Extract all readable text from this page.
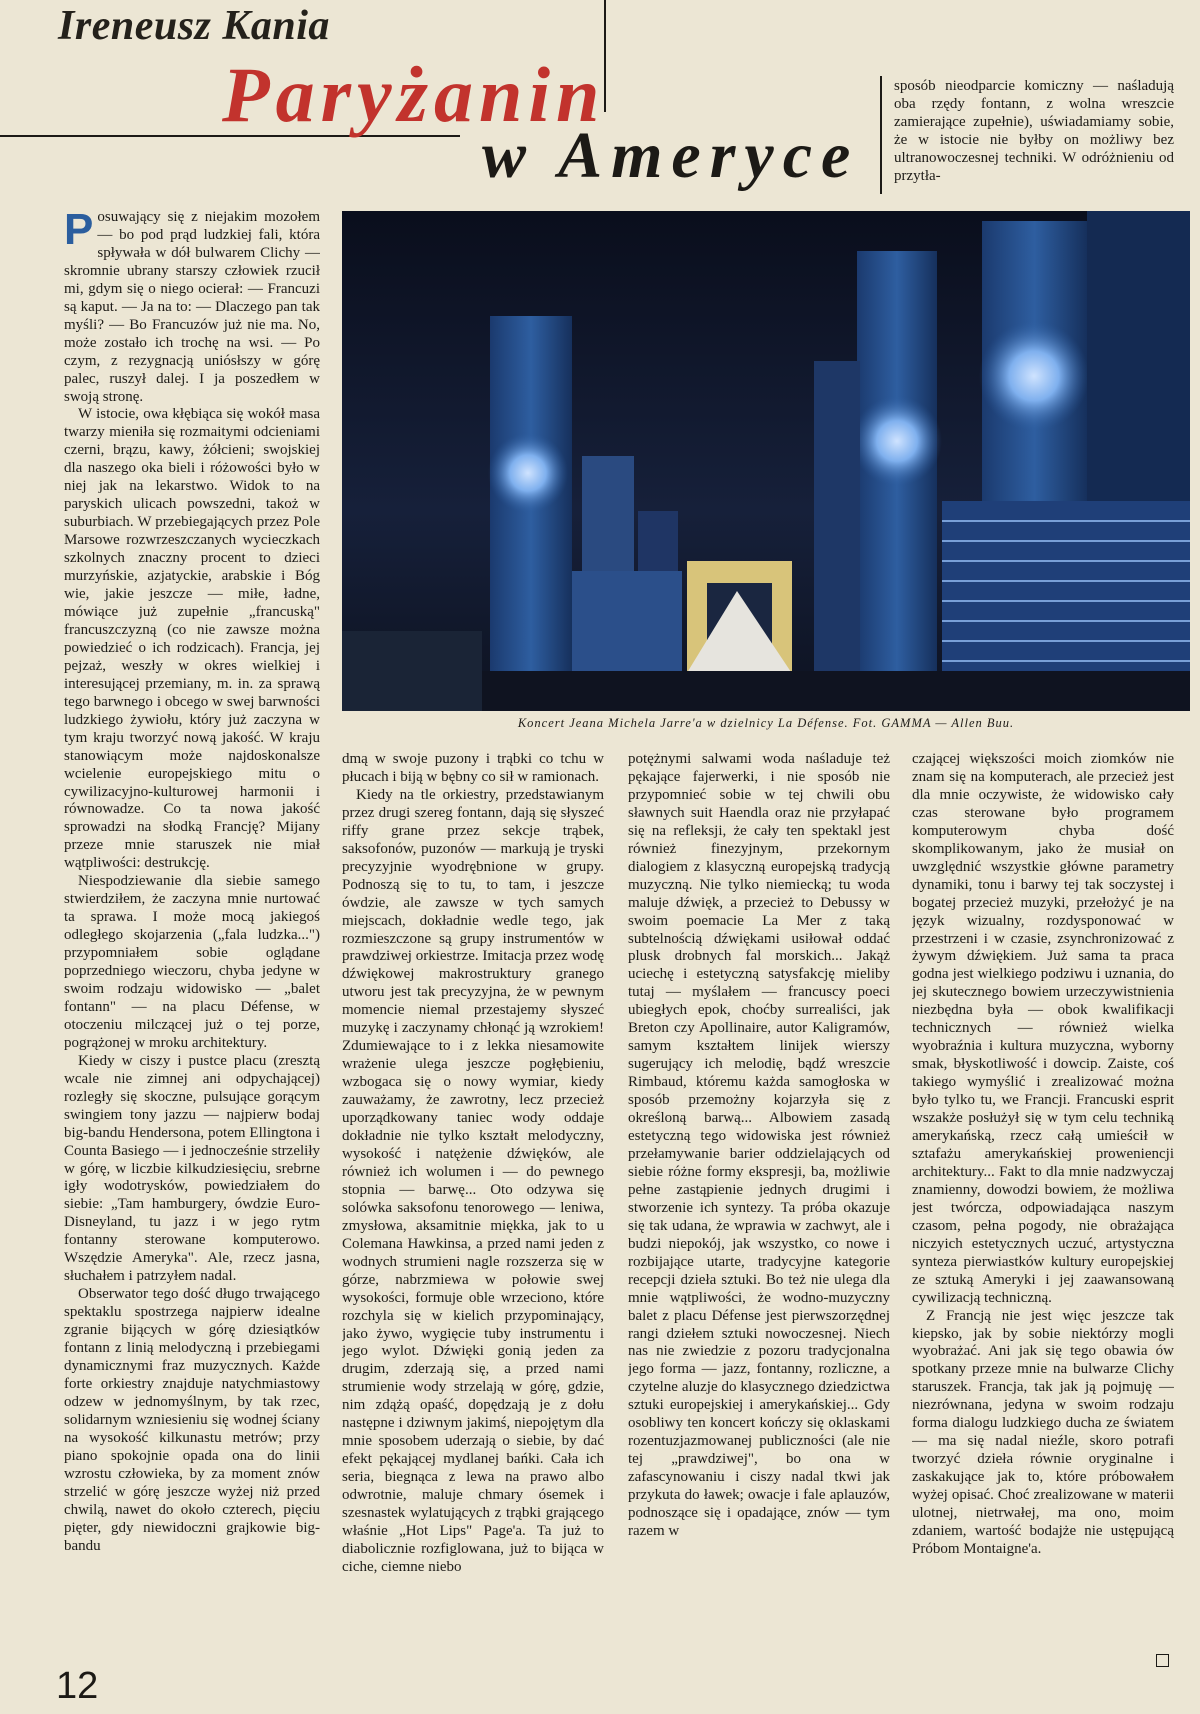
Ireneusz Kania
Paryżanin
w Ameryce

sposób nieodparcie komiczny — naśladują oba rzędy fontann, z wolna wreszcie zamierające zupełnie), uświadamiamy sobie, że w istocie nie byłby on możliwy bez ultranowoczesnej techniki. W odróżnieniu od przytła-

Posuwający się z niejakim mozołem — bo pod prąd ludzkiej fali, która spływała w dół bulwarem Clichy — skromnie ubrany starszy człowiek rzucił mi, gdym się o niego ocierał: — Francuzi są kaput. — Ja na to: — Dlaczego pan tak myśli? — Bo Francuzów już nie ma. No, może zostało ich trochę na wsi. — Po czym, z rezygnacją uniósłszy w górę palec, ruszył dalej. I ja poszedłem w swoją stronę.

W istocie, owa kłębiąca się wokół masa twarzy mieniła się rozmaitymi odcieniami czerni, brązu, kawy, żółcieni; swojskiej dla naszego oka bieli i różowości było w niej jak na lekarstwo. Widok to na paryskich ulicach powszedni, takoż w suburbiach. W przebiegających przez Pole Marsowe rozwrzeszczanych wycieczkach szkolnych znaczny procent to dzieci murzyńskie, azjatyckie, arabskie i Bóg wie, jakie jeszcze — miłe, ładne, mówiące już zupełnie „francuską" francuszczyzną (co nie zawsze można powiedzieć o ich rodzicach). Francja, jej pejzaż, weszły w okres wielkiej i interesującej przemiany, m. in. za sprawą tego barwnego i obcego w swej barwności ludzkiego żywiołu, który już zaczyna w tym kraju tworzyć nową jakość. W kraju stanowiącym może najdoskonalsze wcielenie europejskiego mitu o cywilizacyjno-kulturowej harmonii i równowadze. Co ta nowa jakość sprowadzi na słodką Francję? Mijany przeze mnie staruszek nie miał wątpliwości: destrukcję.

Niespodziewanie dla siebie samego stwierdziłem, że zaczyna mnie nurtować ta sprawa. I może mocą jakiegoś odległego skojarzenia („fala ludzka...") przypomniałem sobie oglądane poprzedniego wieczoru, chyba jedyne w swoim rodzaju widowisko — „balet fontann" — na placu Défense, w otoczeniu milczącej już o tej porze, pogrążonej w mroku architektury.

Kiedy w ciszy i pustce placu (zresztą wcale nie zimnej ani odpychającej) rozległy się skoczne, pulsujące gorącym swingiem tony jazzu — najpierw bodaj big-bandu Hendersona, potem Ellingtona i Counta Basiego — i jednocześnie strzeliły w górę, w liczbie kilkudziesięciu, srebrne igły wodotrysków, powiedziałem do siebie: „Tam hamburgery, ówdzie Euro-Disneyland, tu jazz i w jego rytm fontanny sterowane komputerowo. Wszędzie Ameryka". Ale, rzecz jasna, słuchałem i patrzyłem nadal.

Obserwator tego dość długo trwającego spektaklu spostrzega najpierw idealne zgranie bijących w górę dziesiątków fontann z linią melodyczną i przebiegami dynamicznymi fraz muzycznych. Każde forte orkiestry znajduje natychmiastowy odzew w jednomyślnym, by tak rzec, solidarnym wzniesieniu się wodnej ściany na wysokość kilkunastu metrów; przy piano spokojnie opada ona do linii wzrostu człowieka, by za moment znów strzelić w górę jeszcze wyżej niż przed chwilą, nawet do około czterech, pięciu pięter, gdy niewidoczni grajkowie big-bandu

Koncert Jeana Michela Jarre'a w dzielnicy La Défense. Fot. GAMMA — Allen Buu.

dmą w swoje puzony i trąbki co tchu w płucach i biją w bębny co sił w ramionach.

Kiedy na tle orkiestry, przedstawianym przez drugi szereg fontann, dają się słyszeć riffy grane przez sekcje trąbek, saksofonów, puzonów — markują je tryski precyzyjnie wyodrębnione w grupy. Podnoszą się to tu, to tam, i jeszcze ówdzie, ale zawsze w tych samych miejscach, dokładnie wedle tego, jak rozmieszczone są grupy instrumentów w prawdziwej orkiestrze. Imitacja przez wodę dźwiękowej makrostruktury granego utworu jest tak precyzyjna, że w pewnym momencie niemal przestajemy słyszeć muzykę i zaczynamy chłonąć ją wzrokiem! Zdumiewające to i z lekka niesamowite wrażenie ulega jeszcze pogłębieniu, wzbogaca się o nowy wymiar, kiedy zauważamy, że zawrotny, lecz przecież uporządkowany taniec wody oddaje dokładnie nie tylko kształt melodyczny, wysokość i natężenie dźwięków, ale również ich wolumen i — do pewnego stopnia — barwę... Oto odzywa się solówka saksofonu tenorowego — leniwa, zmysłowa, aksamitnie miękka, jak to u Colemana Hawkinsa, a przed nami jeden z wodnych strumieni nagle rozszerza się w górze, nabrzmiewa w połowie swej wysokości, formuje oble wrzeciono, które rozchyla się w kielich przypominający, jako żywo, wygięcie tuby instrumentu i jego wylot. Dźwięki gonią jeden za drugim, zderzają się, a przed nami strumienie wody strzelają w górę, gdzie, nim zdążą opaść, dopędzają je z dołu następne i dziwnym jakimś, niepojętym dla mnie sposobem uderzają o siebie, by dać efekt pękającej mydlanej bańki. Cała ich seria, biegnąca z lewa na prawo albo odwrotnie, maluje chmary ósemek i szesnastek wylatujących z trąbki grającego właśnie „Hot Lips" Page'a. Ta już to diabolicznie rozfiglowana, już to bijąca w ciche, ciemne niebo

potężnymi salwami woda naśladuje też pękające fajerwerki, i nie sposób nie przypomnieć sobie w tej chwili obu sławnych suit Haendla oraz nie przyłapać się na refleksji, że cały ten spektakl jest również finezyjnym, przekornym dialogiem z klasyczną europejską tradycją muzyczną. Nie tylko niemiecką; tu woda maluje dźwięk, a przecież to Debussy w swoim poemacie La Mer z taką subtelnością dźwiękami usiłował oddać plusk drobnych fal morskich... Jakąż uciechę i estetyczną satysfakcję mieliby tutaj — myślałem — francuscy poeci ubiegłych epok, choćby surrealiści, jak Breton czy Apollinaire, autor Kaligramów, samym kształtem linijek wierszy sugerujący ich melodię, bądź wreszcie Rimbaud, któremu każda samogłoska w sposób przemożny kojarzyła się z określoną barwą... Albowiem zasadą estetyczną tego widowiska jest również przełamywanie barier oddzielających od siebie różne formy ekspresji, ba, możliwie pełne zastąpienie jednych drugimi i stworzenie ich syntezy. Ta próba okazuje się tak udana, że wprawia w zachwyt, ale i budzi niepokój, jak wszystko, co nowe i rozbijające utarte, tradycyjne kategorie recepcji dzieła sztuki. Bo też nie ulega dla mnie wątpliwości, że wodno-muzyczny balet z placu Défense jest pierwszorzędnej rangi dziełem sztuki nowoczesnej. Niech nas nie zwiedzie z pozoru tradycjonalna jego forma — jazz, fontanny, rozliczne, a czytelne aluzje do klasycznego dziedzictwa sztuki europejskiej i amerykańskiej... Gdy osobliwy ten koncert kończy się oklaskami rozentuzjazmowanej publiczności (ale nie tej „prawdziwej", bo ona w zafascynowaniu i ciszy nadal tkwi jak przykuta do ławek; owacje i fale aplauzów, podnoszące się i opadające, znów — tym razem w

czającej większości moich ziomków nie znam się na komputerach, ale przecież jest dla mnie oczywiste, że widowisko cały czas sterowane było programem komputerowym chyba dość skomplikowanym, jako że musiał on uwzględnić wszystkie główne parametry dynamiki, tonu i barwy tej tak soczystej i bogatej przecież muzyki, przełożyć je na język wizualny, rozdysponować w przestrzeni i w czasie, zsynchronizować z żywym dźwiękiem. Już sama ta praca godna jest wielkiego podziwu i uznania, do jej skutecznego bowiem urzeczywistnienia niezbędna była — obok kwalifikacji technicznych — również wielka wyobraźnia i kultura muzyczna, wyborny smak, błyskotliwość i dowcip. Zaiste, coś takiego wymyślić i zrealizować można było tylko tu, we Francji. Francuski esprit wszakże posłużył się w tym celu techniką amerykańską, rzecz całą umieścił w sztafażu amerykańskiej proweniencji architektury... Fakt to dla mnie nadzwyczaj znamienny, dowodzi bowiem, że możliwa jest twórcza, odpowiadająca naszym czasom, pełna pogody, nie obrażająca niczyich estetycznych uczuć, artystyczna synteza pierwiastków kultury europejskiej ze sztuką Ameryki i jej zaawansowaną cywilizacją techniczną.

Z Francją nie jest więc jeszcze tak kiepsko, jak by sobie niektórzy mogli wyobrażać. Ani jak się tego obawia ów spotkany przeze mnie na bulwarze Clichy staruszek. Francja, tak jak ją pojmuję — niezrównana, jedyna w swoim rodzaju forma dialogu ludzkiego ducha ze światem — ma się nadal nieźle, skoro potrafi tworzyć dzieła równie oryginalne i zaskakujące jak to, które próbowałem wyżej opisać. Choć zrealizowane w materii ulotnej, nietrwałej, ma ono, moim zdaniem, wartość bodajże nie ustępującą Próbom Montaigne'a.

12
